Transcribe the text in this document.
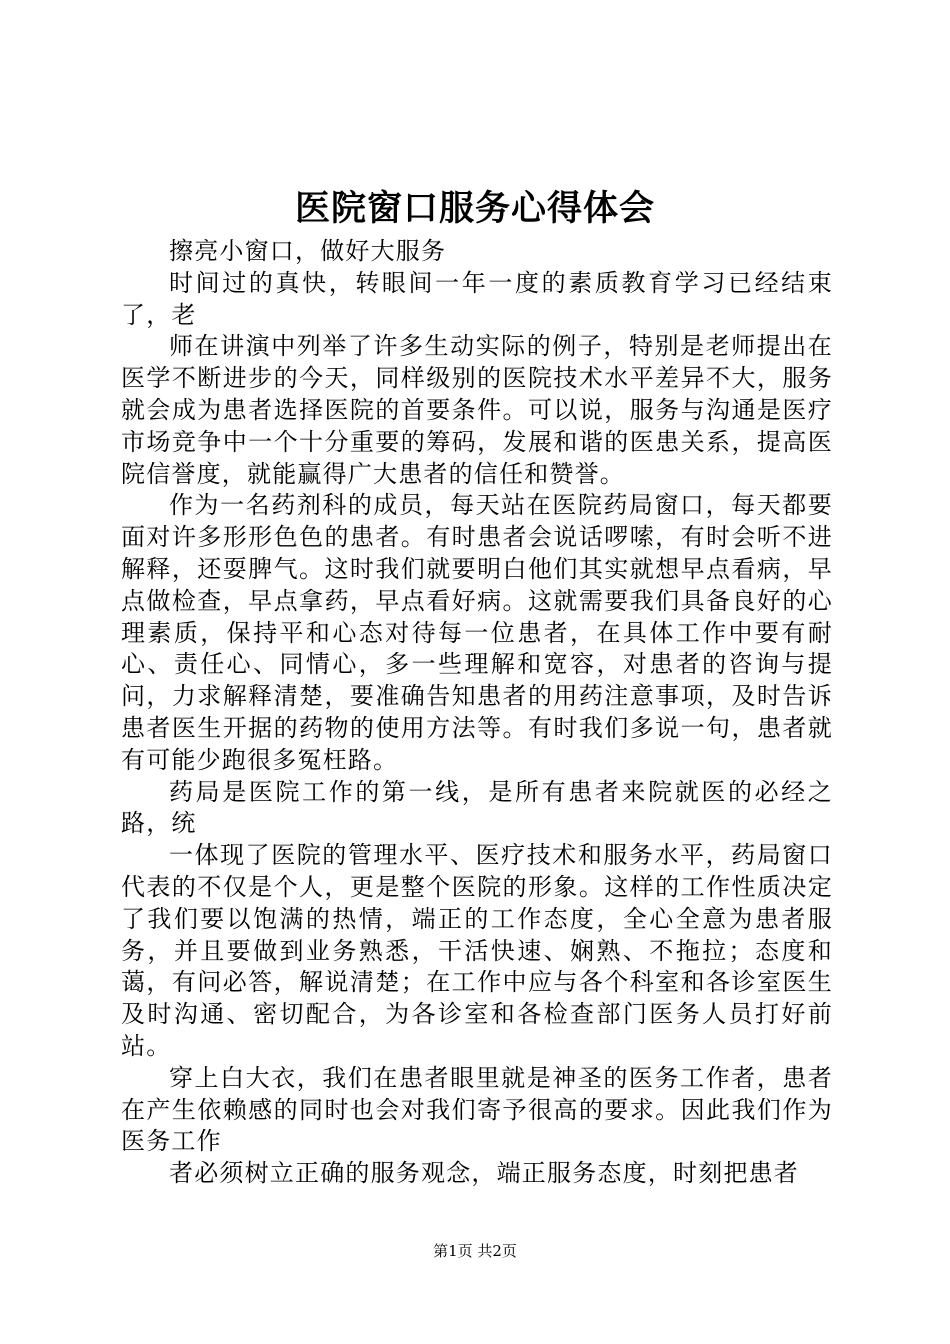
医院窗口服务心得体会

擦亮小窗口，做好大服务

时间过的真快，转眼间一年一度的素质教育学习已经结束了，老

师在讲演中列举了许多生动实际的例子，特别是老师提出在医学不断进步的今天，同样级别的医院技术水平差异不大，服务就会成为患者选择医院的首要条件。可以说，服务与沟通是医疗市场竞争中一个十分重要的筹码，发展和谐的医患关系，提高医院信誉度，就能赢得广大患者的信任和赞誉。

作为一名药剂科的成员，每天站在医院药局窗口，每天都要面对许多形形色色的患者。有时患者会说话啰嗦，有时会听不进解释，还耍脾气。这时我们就要明白他们其实就想早点看病，早点做检查，早点拿药，早点看好病。这就需要我们具备良好的心理素质，保持平和心态对待每一位患者，在具体工作中要有耐心、责任心、同情心，多一些理解和宽容，对患者的咨询与提问，力求解释清楚，要准确告知患者的用药注意事项，及时告诉患者医生开据的药物的使用方法等。有时我们多说一句，患者就有可能少跑很多冤枉路。

药局是医院工作的第一线，是所有患者来院就医的必经之路，统

一体现了医院的管理水平、医疗技术和服务水平，药局窗口代表的不仅是个人，更是整个医院的形象。这样的工作性质决定了我们要以饱满的热情，端正的工作态度，全心全意为患者服务，并且要做到业务熟悉，干活快速、娴熟、不拖拉；态度和蔼，有问必答，解说清楚；在工作中应与各个科室和各诊室医生及时沟通、密切配合，为各诊室和各检查部门医务人员打好前站。

穿上白大衣，我们在患者眼里就是神圣的医务工作者，患者在产生依赖感的同时也会对我们寄予很高的要求。因此我们作为医务工作

者必须树立正确的服务观念，端正服务态度，时刻把患者

第1页 共2页
